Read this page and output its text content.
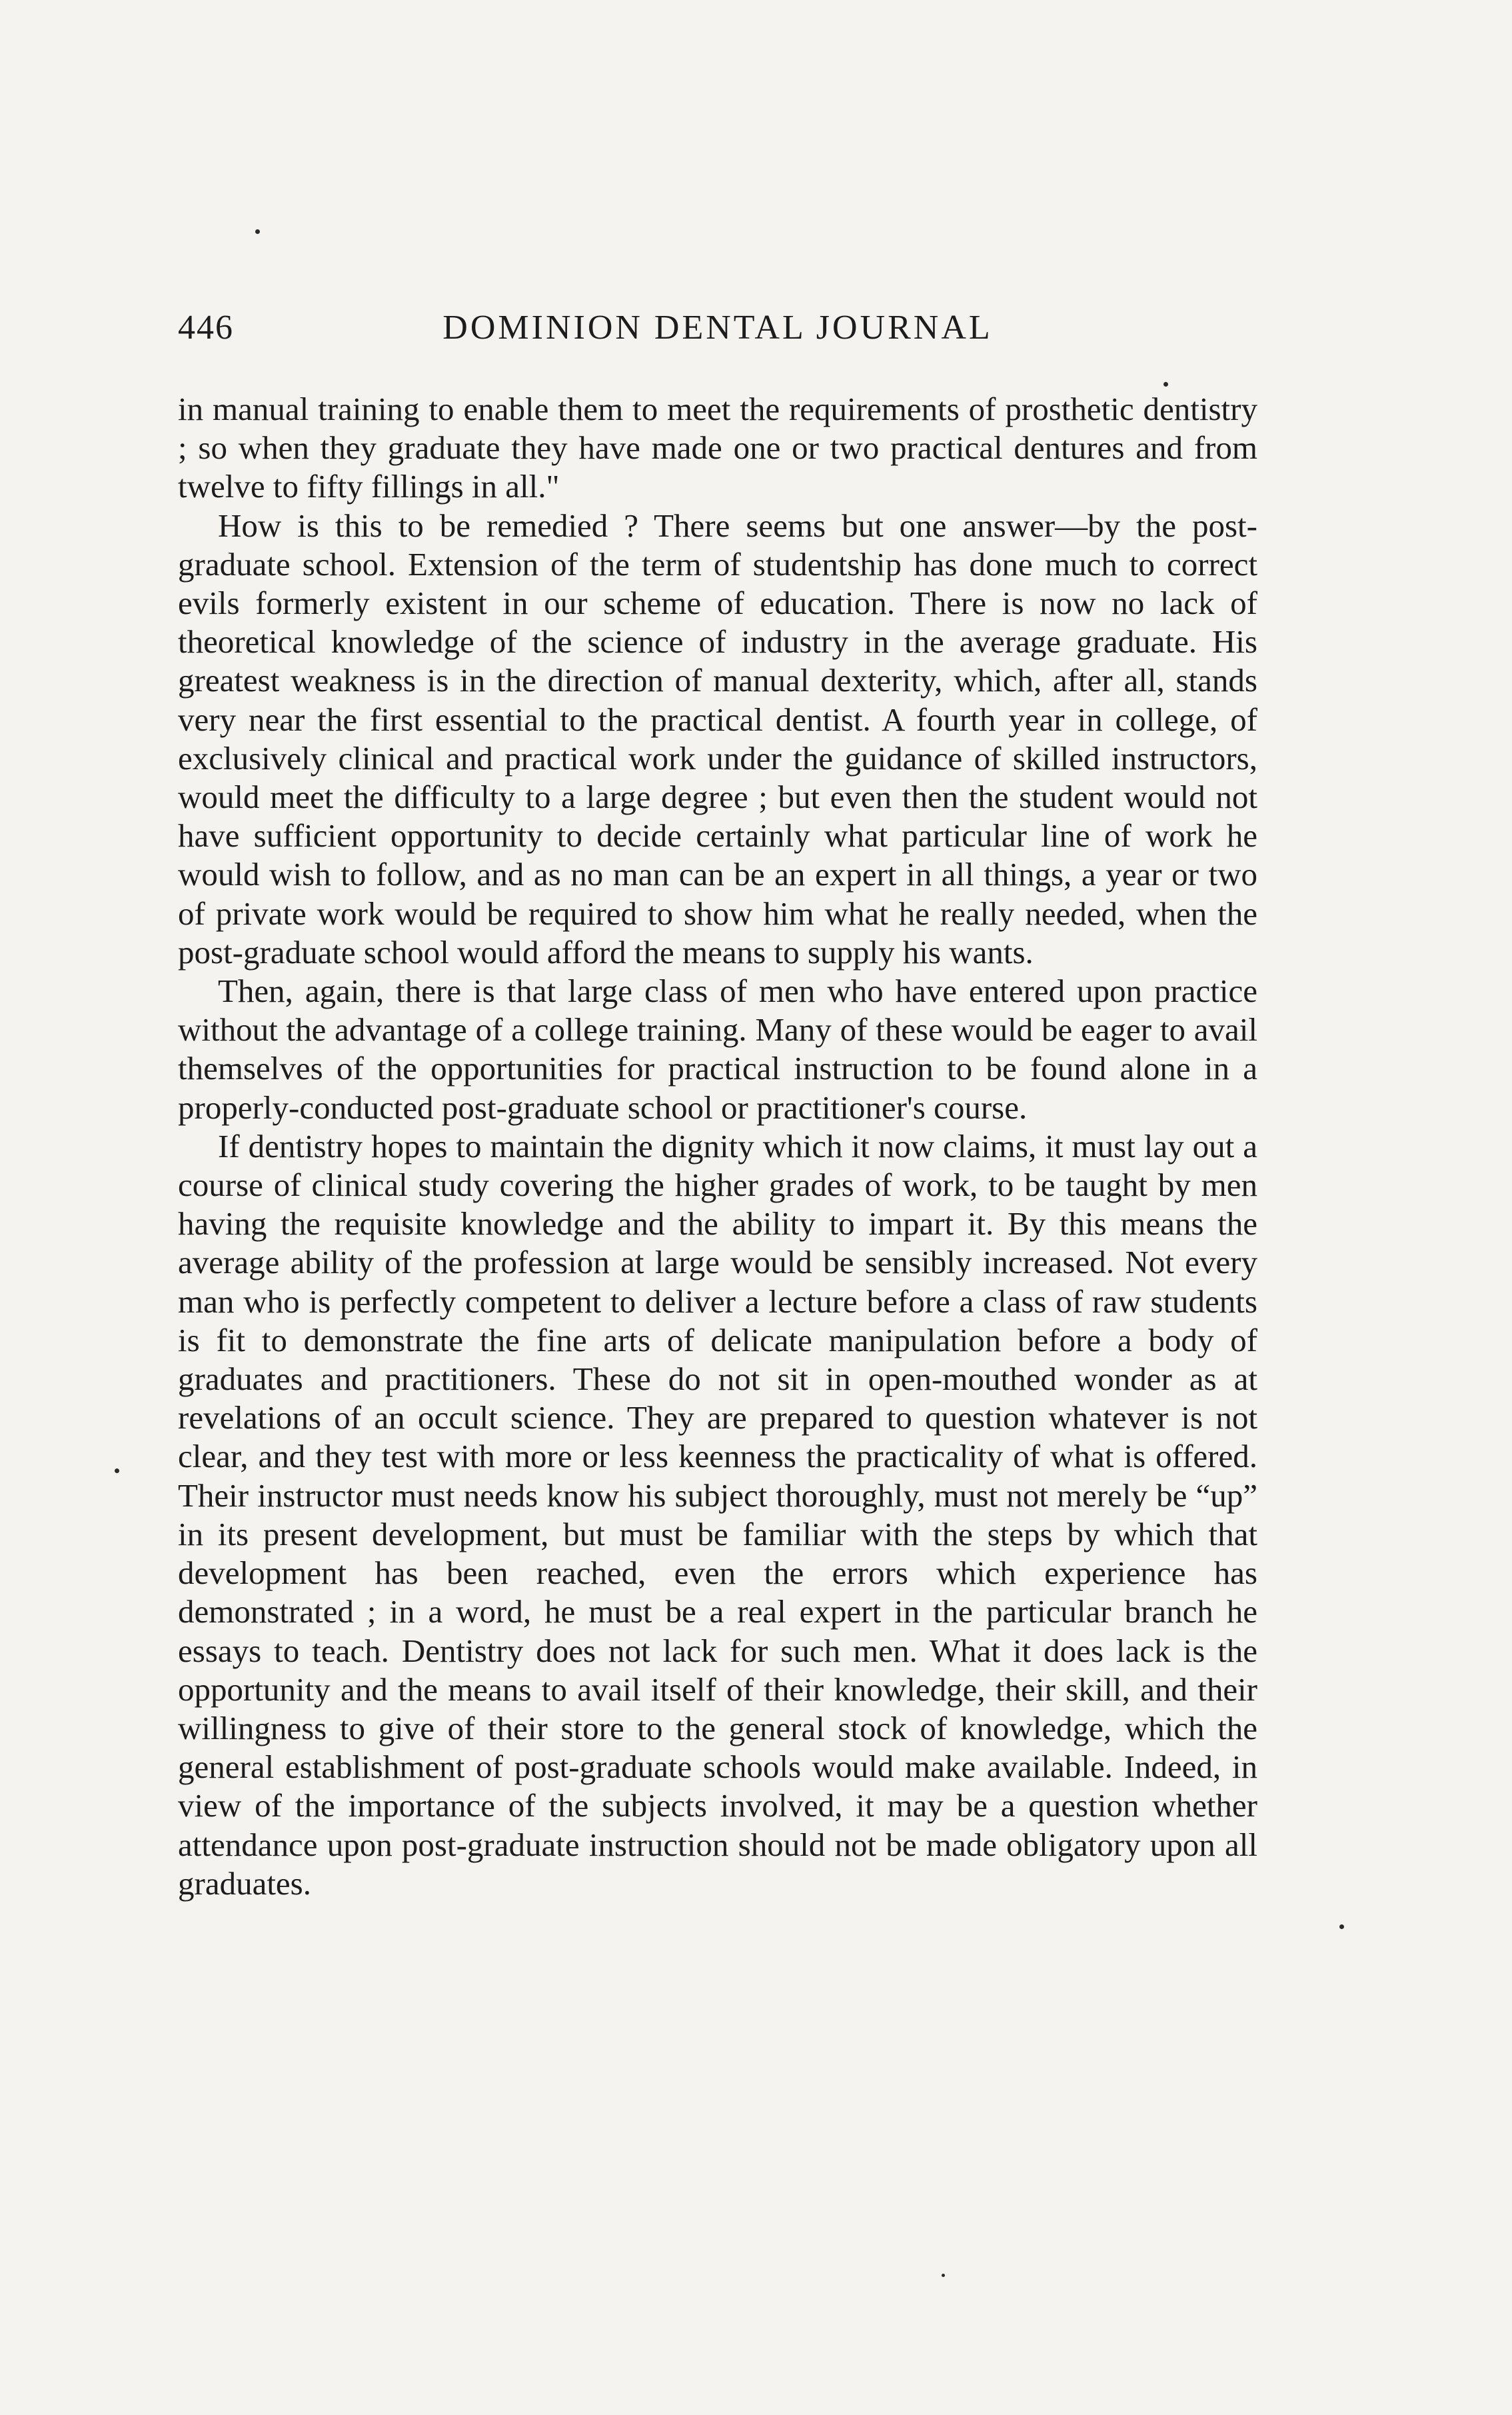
446	DOMINION DENTAL JOURNAL

in manual training to enable them to meet the requirements of prosthetic dentistry ; so when they graduate they have made one or two practical dentures and from twelve to fifty fillings in all."

How is this to be remedied ? There seems but one answer—by the post-graduate school. Extension of the term of studentship has done much to correct evils formerly existent in our scheme of education. There is now no lack of theoretical knowledge of the science of industry in the average graduate. His greatest weakness is in the direction of manual dexterity, which, after all, stands very near the first essential to the practical dentist. A fourth year in college, of exclusively clinical and practical work under the guidance of skilled instructors, would meet the difficulty to a large degree ; but even then the student would not have sufficient opportunity to decide certainly what particular line of work he would wish to follow, and as no man can be an expert in all things, a year or two of private work would be required to show him what he really needed, when the post-graduate school would afford the means to supply his wants.

Then, again, there is that large class of men who have entered upon practice without the advantage of a college training. Many of these would be eager to avail themselves of the opportunities for practical instruction to be found alone in a properly-conducted post-graduate school or practitioner's course.

If dentistry hopes to maintain the dignity which it now claims, it must lay out a course of clinical study covering the higher grades of work, to be taught by men having the requisite knowledge and the ability to impart it. By this means the average ability of the profession at large would be sensibly increased. Not every man who is perfectly competent to deliver a lecture before a class of raw students is fit to demonstrate the fine arts of delicate manipulation before a body of graduates and practitioners. These do not sit in open-mouthed wonder as at revelations of an occult science. They are prepared to question whatever is not clear, and they test with more or less keenness the practicality of what is offered. Their instructor must needs know his subject thoroughly, must not merely be “up” in its present development, but must be familiar with the steps by which that development has been reached, even the errors which experience has demonstrated ; in a word, he must be a real expert in the particular branch he essays to teach. Dentistry does not lack for such men. What it does lack is the opportunity and the means to avail itself of their knowledge, their skill, and their willingness to give of their store to the general stock of knowledge, which the general establishment of post-graduate schools would make available. Indeed, in view of the importance of the subjects involved, it may be a question whether attendance upon post-graduate instruction should not be made obligatory upon all graduates.
